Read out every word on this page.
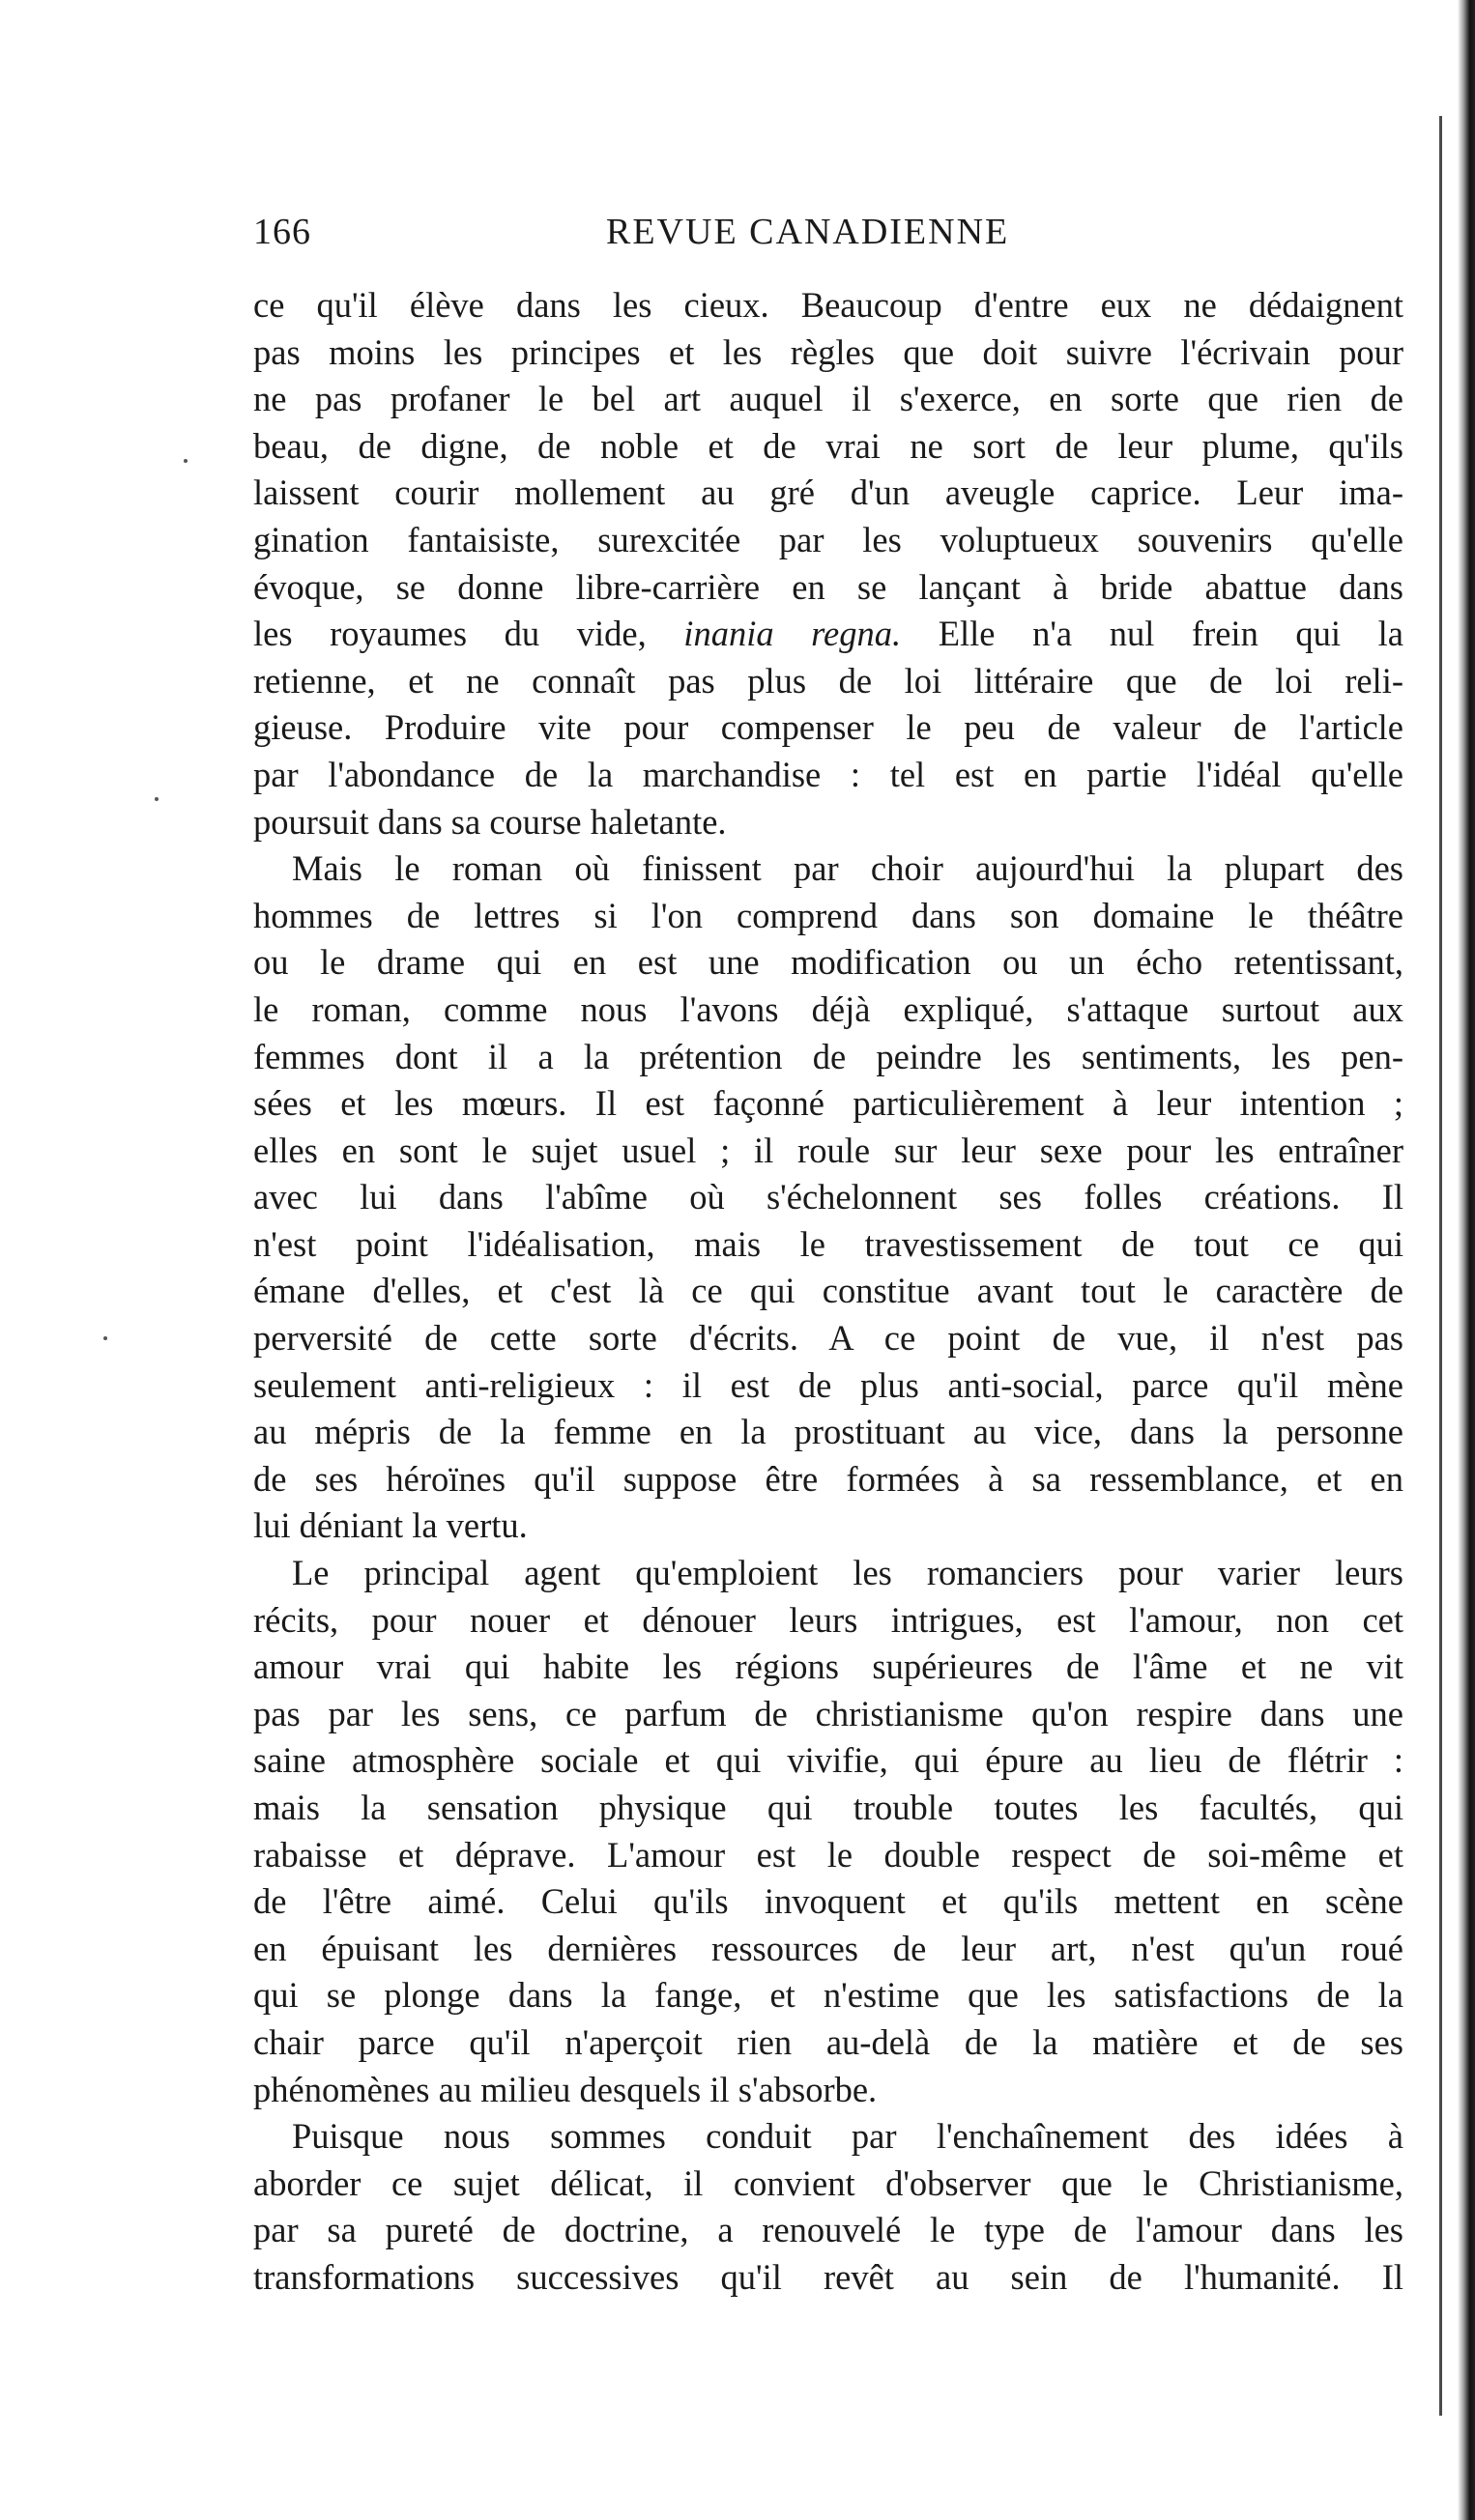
166	REVUE CANADIENNE
ce qu'il élève dans les cieux. Beaucoup d'entre eux ne dédaignent
pas moins les principes et les règles que doit suivre l'écrivain pour
ne pas profaner le bel art auquel il s'exerce, en sorte que rien de
beau, de digne, de noble et de vrai ne sort de leur plume, qu'ils
laissent courir mollement au gré d'un aveugle caprice. Leur ima-
gination fantaisiste, surexcitée par les voluptueux souvenirs qu'elle
évoque, se donne libre-carrière en se lançant à bride abattue dans
les royaumes du vide, inania regna. Elle n'a nul frein qui la
retienne, et ne connaît pas plus de loi littéraire que de loi reli-
gieuse. Produire vite pour compenser le peu de valeur de l'article
par l'abondance de la marchandise : tel est en partie l'idéal qu'elle
poursuit dans sa course haletante.
Mais le roman où finissent par choir aujourd'hui la plupart des
hommes de lettres si l'on comprend dans son domaine le théâtre
ou le drame qui en est une modification ou un écho retentissant,
le roman, comme nous l'avons déjà expliqué, s'attaque surtout aux
femmes dont il a la prétention de peindre les sentiments, les pen-
sées et les mœurs. Il est façonné particulièrement à leur intention ;
elles en sont le sujet usuel ; il roule sur leur sexe pour les entraîner
avec lui dans l'abîme où s'échelonnent ses folles créations. Il
n'est point l'idéalisation, mais le travestissement de tout ce qui
émane d'elles, et c'est là ce qui constitue avant tout le caractère de
perversité de cette sorte d'écrits. A ce point de vue, il n'est pas
seulement anti-religieux : il est de plus anti-social, parce qu'il mène
au mépris de la femme en la prostituant au vice, dans la personne
de ses héroïnes qu'il suppose être formées à sa ressemblance, et en
lui déniant la vertu.
Le principal agent qu'emploient les romanciers pour varier leurs
récits, pour nouer et dénouer leurs intrigues, est l'amour, non cet
amour vrai qui habite les régions supérieures de l'âme et ne vit
pas par les sens, ce parfum de christianisme qu'on respire dans une
saine atmosphère sociale et qui vivifie, qui épure au lieu de flétrir :
mais la sensation physique qui trouble toutes les facultés, qui
rabaisse et déprave. L'amour est le double respect de soi-même et
de l'être aimé. Celui qu'ils invoquent et qu'ils mettent en scène
en épuisant les dernières ressources de leur art, n'est qu'un roué
qui se plonge dans la fange, et n'estime que les satisfactions de la
chair parce qu'il n'aperçoit rien au-delà de la matière et de ses
phénomènes au milieu desquels il s'absorbe.
Puisque nous sommes conduit par l'enchaînement des idées à
aborder ce sujet délicat, il convient d'observer que le Christianisme,
par sa pureté de doctrine, a renouvelé le type de l'amour dans les
transformations successives qu'il revêt au sein de l'humanité. Il
